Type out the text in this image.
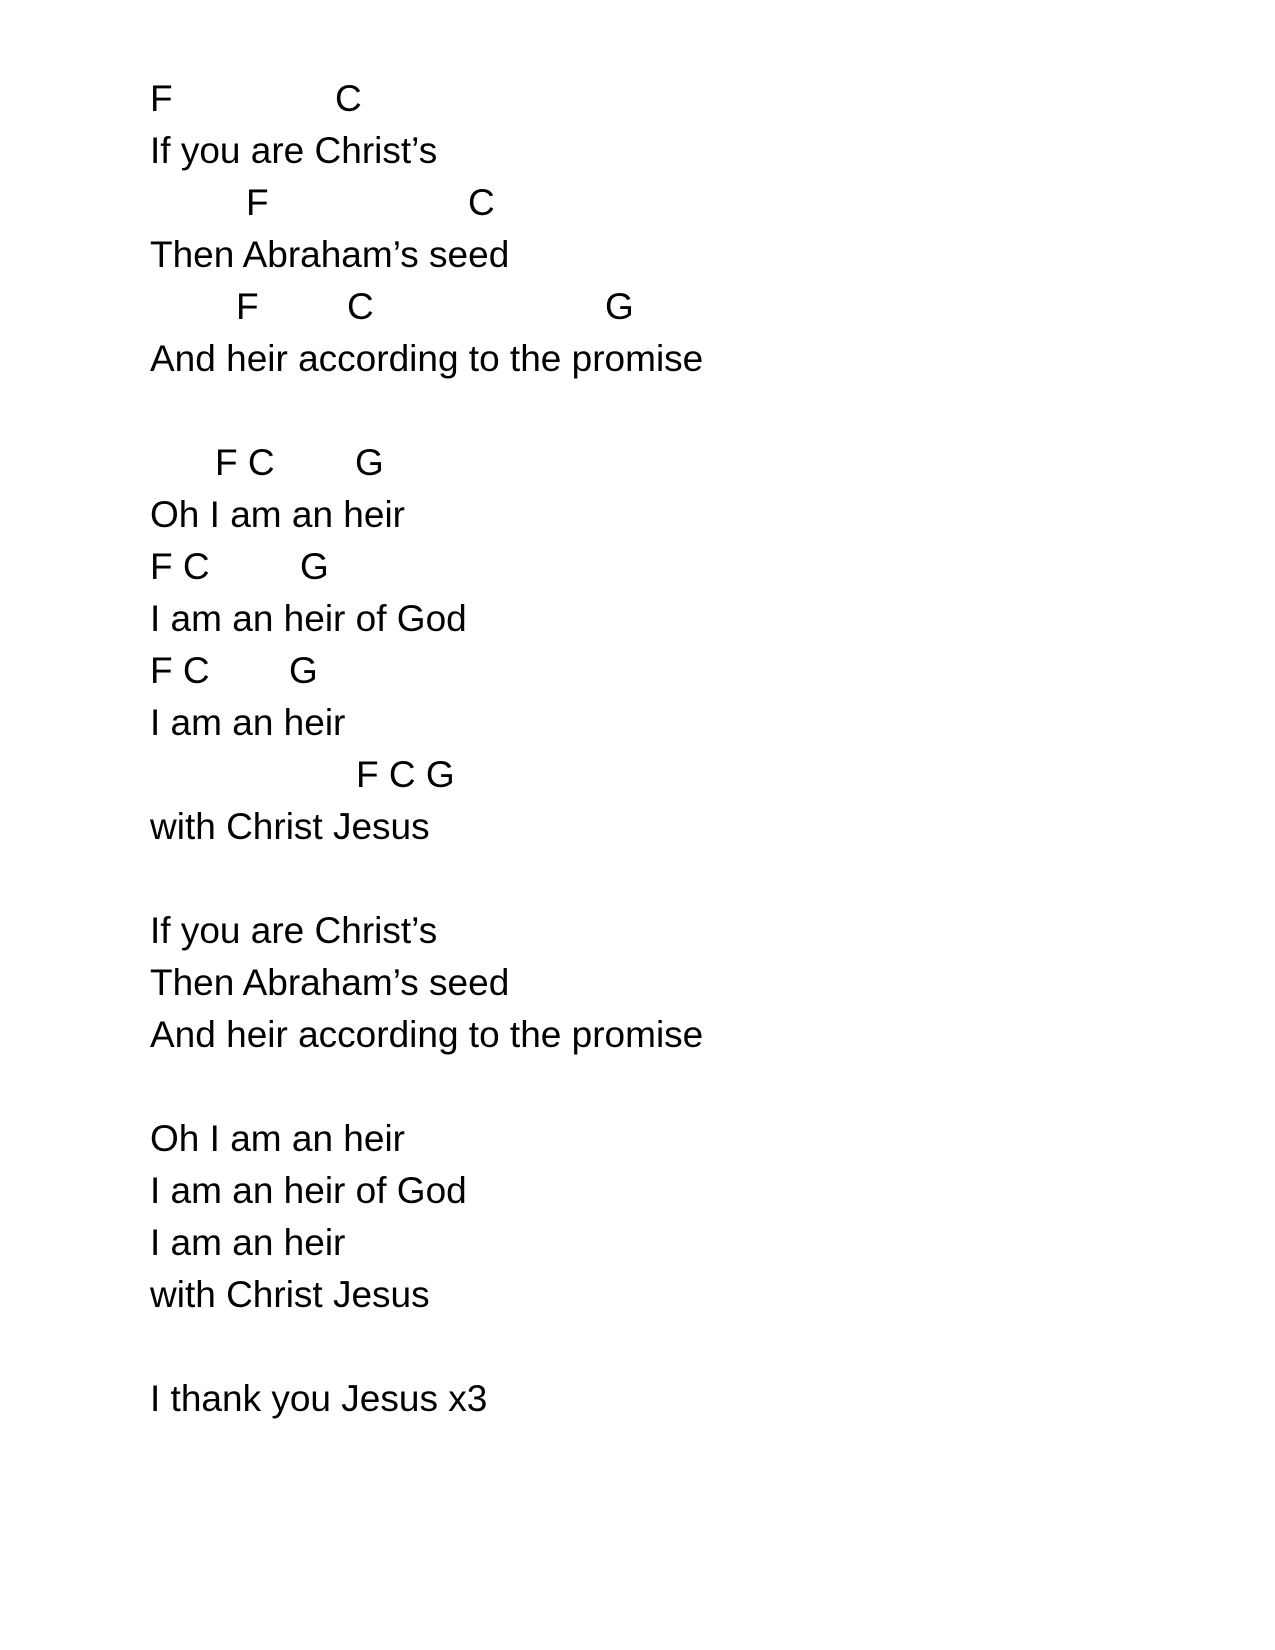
F	C
If you are Christ’s
F	C
Then Abraham’s seed
F C	G
And heir according to the promise
F C G
Oh I am an heir
F C G
I am an heir of God
F C G
I am an heir
F C G
with Christ Jesus
If you are Christ’s
Then Abraham’s seed
And heir according to the promise
Oh I am an heir
I am an heir of God
I am an heir
with Christ Jesus
I thank you Jesus x3
